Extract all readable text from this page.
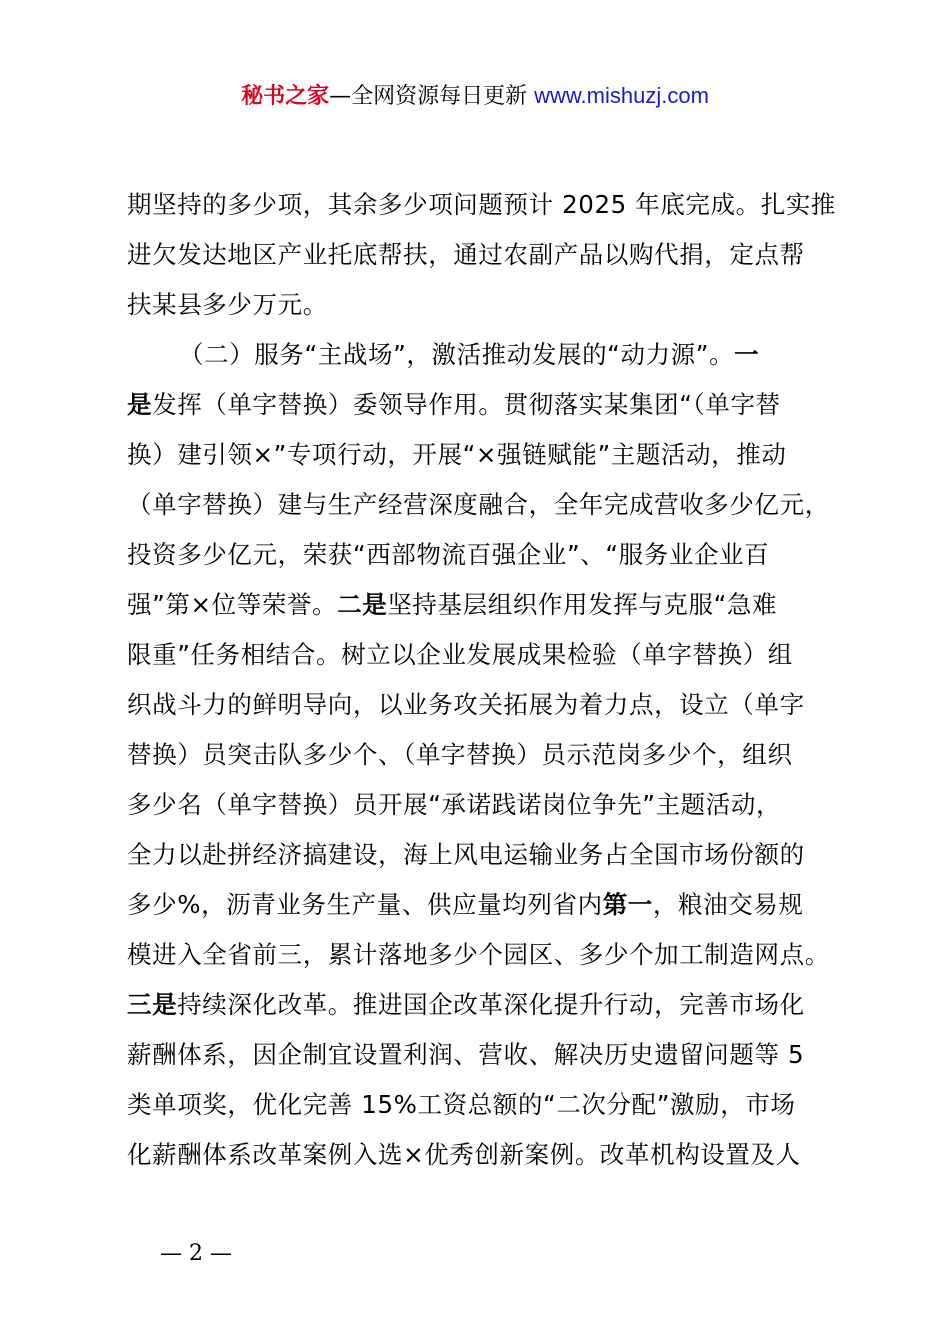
秘书之家—全网资源每日更新 www.mishuzj.com
期坚持的多少项，其余多少项问题预计 2025 年底完成。扎实推
进欠发达地区产业托底帮扶，通过农副产品以购代捐，定点帮
扶某县多少万元。
（二）服务“主战场”，激活推动发展的“动力源”。一
是发挥（单字替换）委领导作用。贯彻落实某集团“（单字替
换）建引领×”专项行动，开展“×强链赋能”主题活动，推动
（单字替换）建与生产经营深度融合，全年完成营收多少亿元，
投资多少亿元，荣获“西部物流百强企业”、“服务业企业百
强”第×位等荣誉。二是坚持基层组织作用发挥与克服“急难
限重”任务相结合。树立以企业发展成果检验（单字替换）组
织战斗力的鲜明导向，以业务攻关拓展为着力点，设立（单字
替换）员突击队多少个、（单字替换）员示范岗多少个，组织
多少名（单字替换）员开展“承诺践诺岗位争先”主题活动，
全力以赴拼经济搞建设，海上风电运输业务占全国市场份额的
多少%，沥青业务生产量、供应量均列省内第一，粮油交易规
模进入全省前三，累计落地多少个园区、多少个加工制造网点。
三是持续深化改革。推进国企改革深化提升行动，完善市场化
薪酬体系，因企制宜设置利润、营收、解决历史遗留问题等 5
类单项奖，优化完善 15%工资总额的“二次分配”激励，市场
化薪酬体系改革案例入选×优秀创新案例。改革机构设置及人
— 2 —
